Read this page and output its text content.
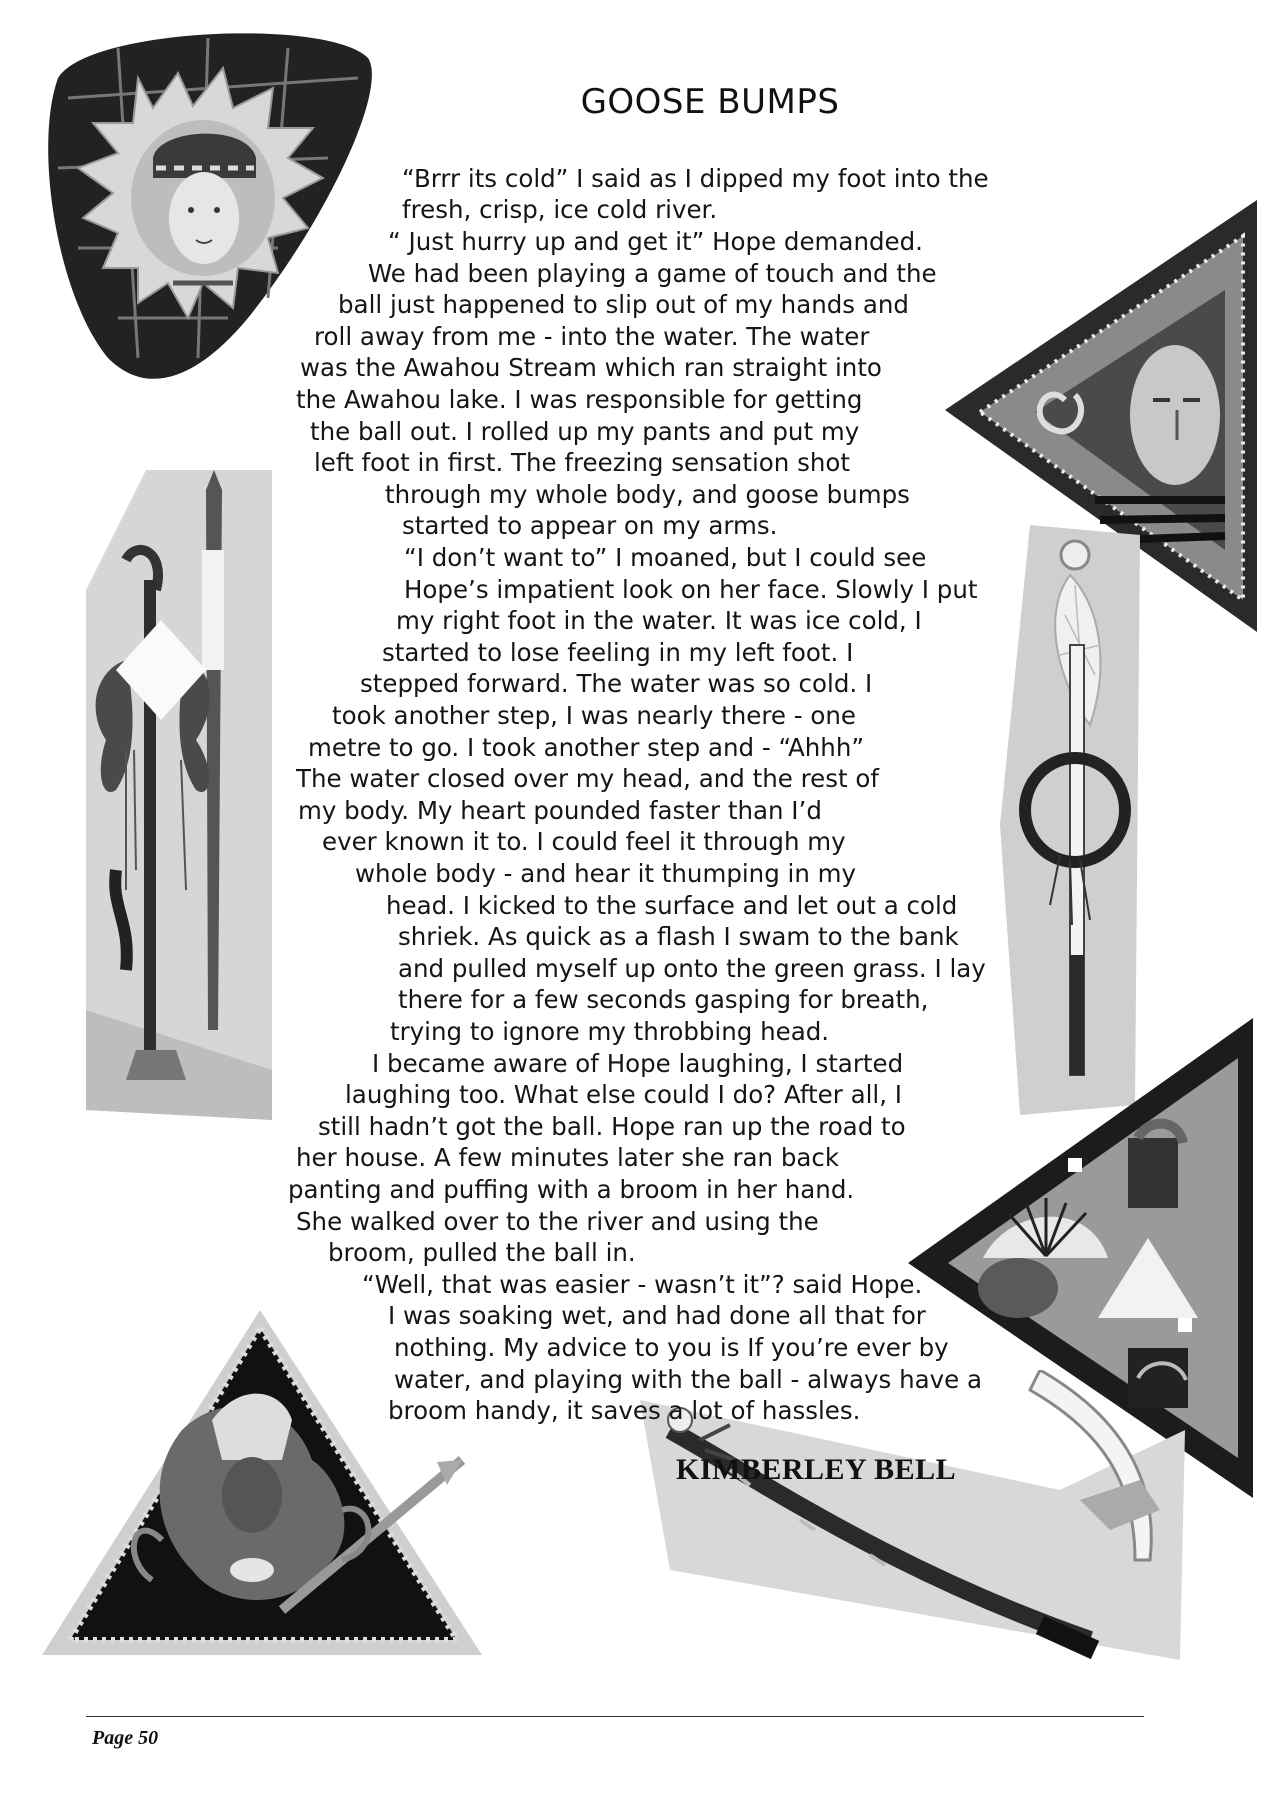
GOOSE BUMPS
“Brrr its cold” I said as I dipped my foot into the
fresh, crisp, ice cold river.
“ Just hurry up and get it” Hope demanded.
We had been playing a game of touch and the
ball just happened to slip out of my hands and
roll away from me - into the water. The water
was the Awahou Stream which ran straight into
the Awahou lake. I was responsible for getting
the ball out. I rolled up my pants and put my
left foot in first. The freezing sensation shot
through my whole body, and goose bumps
started to appear on my arms.
“I don’t want to” I moaned, but I could see
Hope’s impatient look on her face. Slowly I put
my right foot in the water. It was ice cold, I
started to lose feeling in my left foot. I
stepped forward. The water was so cold. I
took another step, I was nearly there - one
metre to go. I took another step and - “Ahhh”
The water closed over my head, and the rest of
my body. My heart pounded faster than I’d
ever known it to. I could feel it through my
whole body - and hear it thumping in my
head. I kicked to the surface and let out a cold
shriek. As quick as a flash I swam to the bank
and pulled myself up onto the green grass. I lay
there for a few seconds gasping for breath,
trying to ignore my throbbing head.
I became aware of Hope laughing, I started
laughing too. What else could I do? After all, I
still hadn’t got the ball. Hope ran up the road to
her house. A few minutes later she ran back
panting and puffing with a broom in her hand.
She walked over to the river and using the
broom, pulled the ball in.
“Well, that was easier - wasn’t it”? said Hope.
I was soaking wet, and had done all that for
nothing. My advice to you is If you’re ever by
water, and playing with the ball - always have a
broom handy, it saves a lot of hassles.
KIMBERLEY BELL
Page 50
